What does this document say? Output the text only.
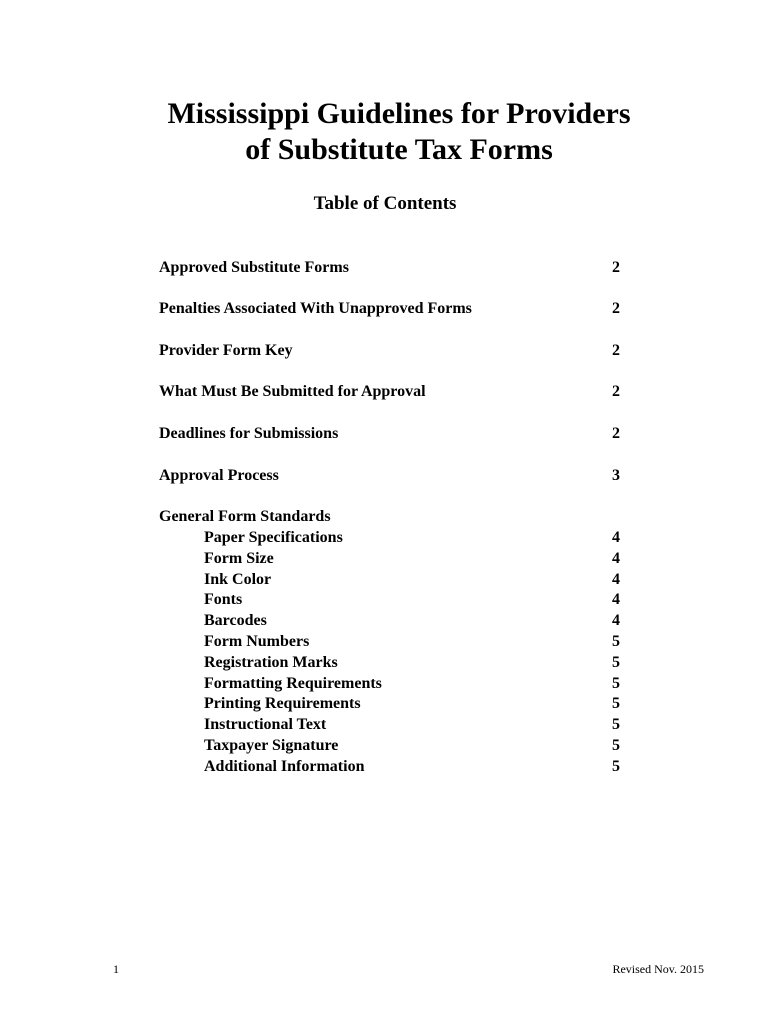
Mississippi Guidelines for Providers
of Substitute Tax Forms
Table of Contents
Approved Substitute Forms	2
Penalties Associated With Unapproved Forms	2
Provider Form Key	2
What Must Be Submitted for Approval	2
Deadlines for Submissions	2
Approval Process	3
General Form Standards
Paper Specifications	4
Form Size	4
Ink Color	4
Fonts	4
Barcodes	4
Form Numbers	5
Registration Marks	5
Formatting Requirements	5
Printing Requirements	5
Instructional Text	5
Taxpayer Signature	5
Additional Information	5
1	Revised Nov. 2015
